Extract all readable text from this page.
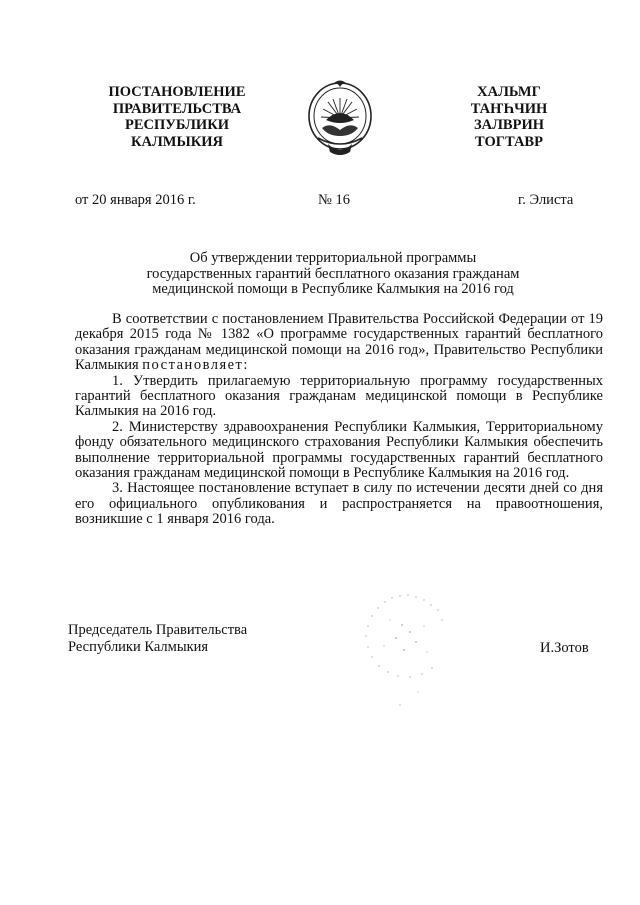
ПОСТАНОВЛЕНИЕ
ПРАВИТЕЛЬСТВА
РЕСПУБЛИКИ
КАЛМЫКИЯ
ХАЛЬМГ
ТАҤҺЧИН
ЗАЛВРИН
ТОГТАВР
от 20 января 2016 г.	№ 16	г. Элиста
Об утверждении территориальной программы
государственных гарантий бесплатного оказания гражданам
медицинской помощи в Республике Калмыкия на 2016 год

В соответствии с постановлением Правительства Российской Федерации от 19 декабря 2015 года № 1382 «О программе государственных гарантий бесплатного оказания гражданам медицинской помощи на 2016 год», Правительство Республики Калмыкия постановляет:

1. Утвердить прилагаемую территориальную программу государственных гарантий бесплатного оказания гражданам медицинской помощи в Республике Калмыкия на 2016 год.

2. Министерству здравоохранения Республики Калмыкия, Территориальному фонду обязательного медицинского страхования Республики Калмыкия обеспечить выполнение территориальной программы государственных гарантий бесплатного оказания гражданам медицинской помощи в Республике Калмыкия на 2016 год.

3. Настоящее постановление вступает в силу по истечении десяти дней со дня его официального опубликования и распространяется на правоотношения, возникшие с 1 января 2016 года.

Председатель Правительства
Республики Калмыкия	И.Зотов
